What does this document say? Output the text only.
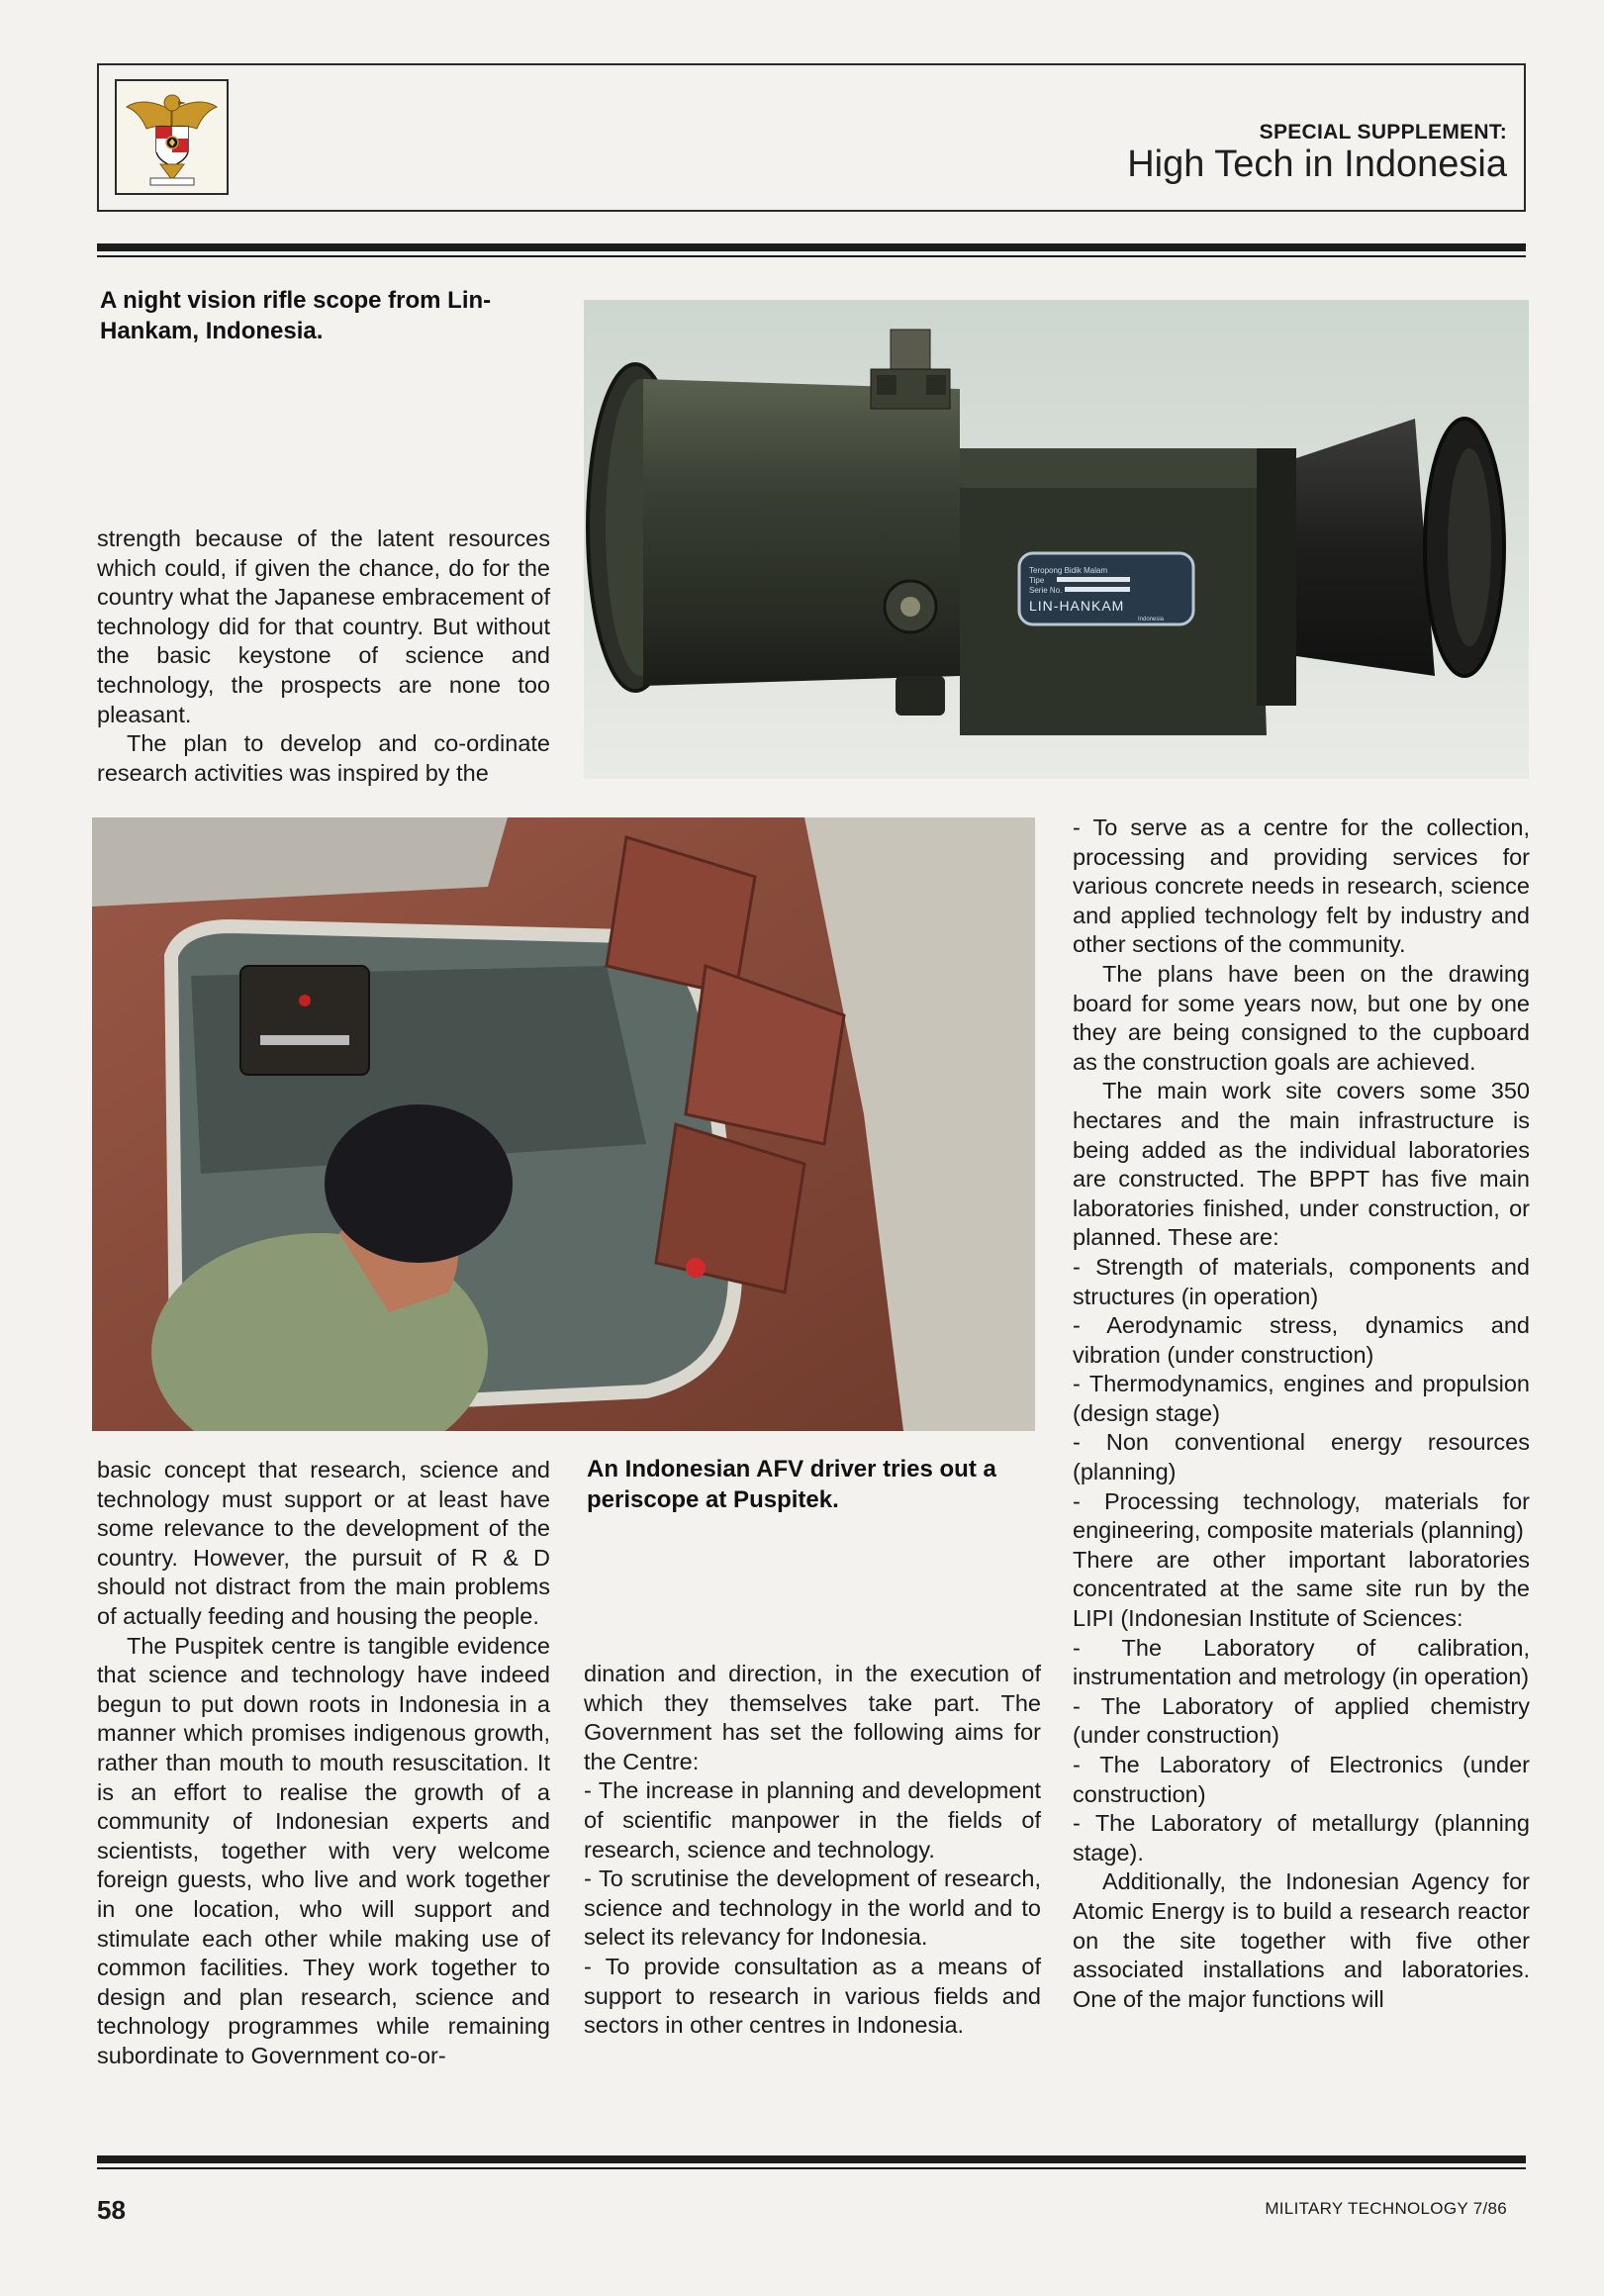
SPECIAL SUPPLEMENT:
High Tech in Indonesia
A night vision rifle scope from Lin-Hankam, Indonesia.
Teropong Bidik Malam
Tipe
Serie No.
LIN-HANKAM
Indonesia

strength because of the latent resources which could, if given the chance, do for the country what the Japanese embracement of technology did for that country. But without the basic keystone of science and technology, the prospects are none too pleasant.

The plan to develop and co-ordinate research activities was inspired by the

basic concept that research, science and technology must support or at least have some relevance to the development of the country. However, the pursuit of R & D should not distract from the main problems of actually feeding and housing the people.

The Puspitek centre is tangible evidence that science and technology have indeed begun to put down roots in Indonesia in a manner which promises indigenous growth, rather than mouth to mouth resuscitation. It is an effort to realise the growth of a community of Indonesian experts and scientists, together with very welcome foreign guests, who live and work together in one location, who will support and stimulate each other while making use of common facilities. They work together to design and plan research, science and technology programmes while remaining subordinate to Government co-or-

An Indonesian AFV driver tries out a periscope at Puspitek.

dination and direction, in the execution of which they themselves take part. The Government has set the following aims for the Centre:

- The increase in planning and development of scientific manpower in the fields of research, science and technology.

- To scrutinise the development of research, science and technology in the world and to select its relevancy for Indonesia.

- To provide consultation as a means of support to research in various fields and sectors in other centres in Indonesia.

- To serve as a centre for the collection, processing and providing services for various concrete needs in research, science and applied technology felt by industry and other sections of the community.

The plans have been on the drawing board for some years now, but one by one they are being consigned to the cupboard as the construction goals are achieved.

The main work site covers some 350 hectares and the main infrastructure is being added as the individual laboratories are constructed. The BPPT has five main laboratories finished, under construction, or planned. These are:

- Strength of materials, components and structures (in operation)

- Aerodynamic stress, dynamics and vibration (under construction)

- Thermodynamics, engines and propulsion (design stage)

- Non conventional energy resources (planning)

- Processing technology, materials for engineering, composite materials (planning)

There are other important laboratories concentrated at the same site run by the LIPI (Indonesian Institute of Sciences:

- The Laboratory of calibration, instrumentation and metrology (in operation)

- The Laboratory of applied chemistry (under construction)

- The Laboratory of Electronics (under construction)

- The Laboratory of metallurgy (planning stage).

Additionally, the Indonesian Agency for Atomic Energy is to build a research reactor on the site together with five other associated installations and laboratories. One of the major functions will

58	MILITARY TECHNOLOGY 7/86
